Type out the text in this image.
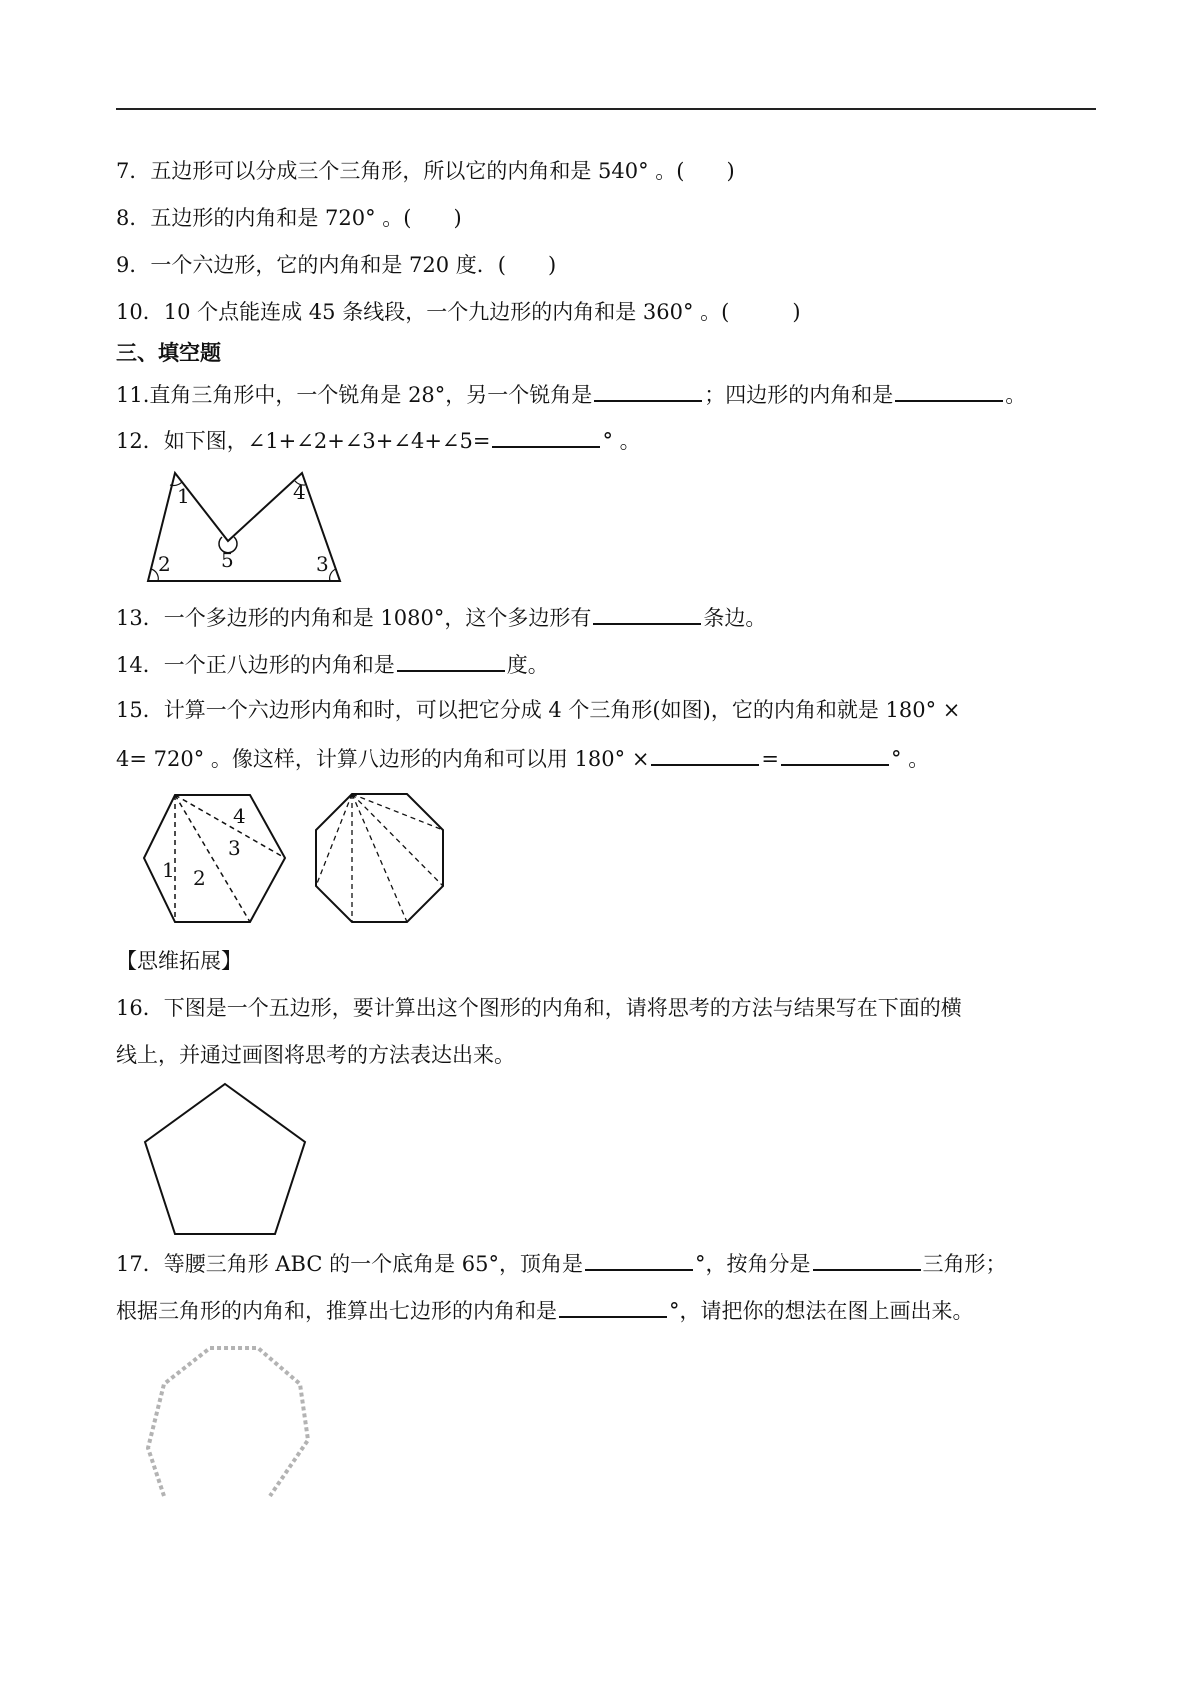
7．五边形可以分成三个三角形，所以它的内角和是 540° 。(　　)
8．五边形的内角和是 720° 。(　　)
9．一个六边形，它的内角和是 720 度．(　　)
10．10 个点能连成 45 条线段，一个九边形的内角和是 360° 。(　　　)
三、填空题
11.直角三角形中，一个锐角是 28°，另一个锐角是	；四边形的内角和是	。
12．如下图，∠1+∠2+∠3+∠4+∠5=	° 。
1
2	3
4
5
13．一个多边形的内角和是 1080°，这个多边形有	条边。
14．一个正八边形的内角和是	度。
15．计算一个六边形内角和时，可以把它分成 4 个三角形(如图)，它的内角和就是 180° ×
4= 720° 。像这样，计算八边形的内角和可以用 180° ×	=	° 。
1 2
3
4
【思维拓展】
16．下图是一个五边形，要计算出这个图形的内角和，请将思考的方法与结果写在下面的横
线上，并通过画图将思考的方法表达出来。
17．等腰三角形 ABC 的一个底角是 65°，顶角是	°，按角分是	三角形；
根据三角形的内角和，推算出七边形的内角和是	°，请把你的想法在图上画出来。
